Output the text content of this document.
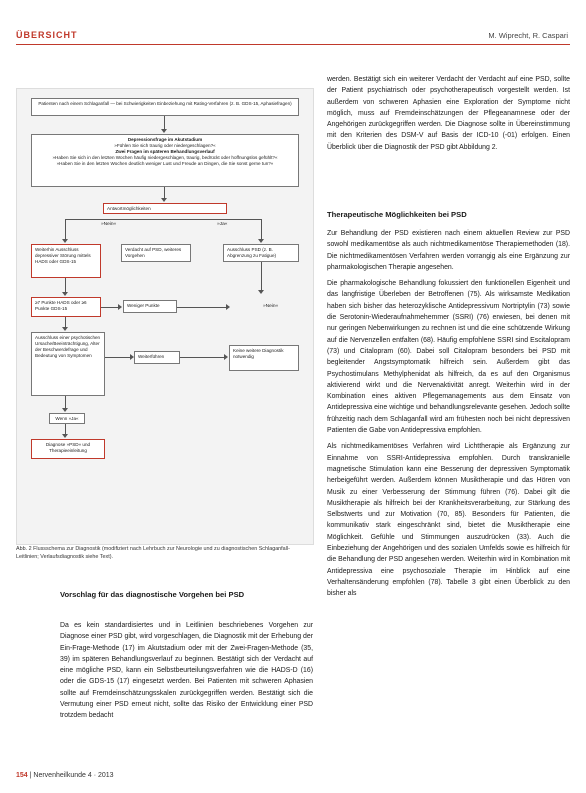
ÜBERSICHT	M. Wiprecht, R. Caspari
Patienten nach einem Schlaganfall — bei Schwierigkeiten Einbeziehung mit Rating-Verfahren (z. B. GDS-15, Aphasiefragen)

Depressionsfrage im Akutstadium

»Fühlen Sie sich traurig oder niedergeschlagen?«

Zwei Fragen im späteren Behandlungsverlauf

»Haben Sie sich in den letzten Wochen häufig niedergeschlagen, traurig, bedrückt oder hoffnungslos gefühlt?«

»Haben Sie in den letzten Wochen deutlich weniger Lust und Freude an Dingen, die Sie sonst gerne tun?«

Antwortmöglichkeiten
»Nein«	»Ja«
Weiterhin Ausschluss depressiver Störung mittels HADS oder GDS-15
Verdacht auf PSD, weiteres Vorgehen
Ausschluss PSD (z. B. Abgrenzung zu Fatigue)
≥7 Punkte HADS oder ≥6 Punkte GDS-15
Weniger Punkte	»Nein«
Ausschluss einer psychotischen Ursache/Beeinträchtigung, Alter der Beschwerdefrage und Bedeutung von Symptomen	Weiterführen
Keine weitere Diagnostik notwendig
Wenn »Ja«
Diagnose »PSD« und Therapieeinleitung
Abb. 2 Flussschema zur Diagnostik (modifiziert nach Lehrbuch zur Neurologie und zu diagnostischen Schlaganfall-Leitlinien; Verlaufsdiagnostik siehe Text).
Vorschlag für das diagnostische Vorgehen bei PSD

Da es kein standardisiertes und in Leitlinien beschriebenes Vorgehen zur Diagnose einer PSD gibt, wird vorgeschlagen, die Diagnostik mit der Erhebung der Ein-Frage-Methode (17) im Akutstadium oder mit der Zwei-Fragen-Methode (35, 39) im späteren Behandlungsverlauf zu beginnen. Bestätigt sich der Verdacht auf eine mögliche PSD, kann ein Selbstbeurteilungsverfahren wie die HADS-D (16) oder die GDS-15 (17) eingesetzt werden. Bei Patienten mit schweren Aphasien sollte auf Fremdeinschätzungsskalen zurückgegriffen werden. Bestätigt sich die Vermutung einer PSD erneut nicht, sollte das Risiko der Entwicklung einer PSD trotzdem bedacht

werden. Bestätigt sich ein weiterer Verdacht der Verdacht auf eine PSD, sollte der Patient psychiatrisch oder psychotherapeutisch vorgestellt werden. Ist außerdem von schweren Aphasien eine Exploration der Symptome nicht möglich, muss auf Fremdeinschätzungen der Pflegeanamnese oder der Angehörigen zurückgegriffen werden. Die Diagnose sollte in Übereinstimmung mit den Kriterien des DSM-V auf Basis der ICD-10 (-01) erfolgen. Einen Überblick über die Diagnostik der PSD gibt Abbildung 2.

Therapeutische Möglichkeiten bei PSD

Zur Behandlung der PSD existieren nach einem aktuellen Review zur PSD sowohl medikamentöse als auch nichtmedikamentöse Therapiemethoden (18). Die nichtmedikamentösen Verfahren werden vorrangig als eine Ergänzung zur pharmakologischen Therapie angesehen.

Die pharmakologische Behandlung fokussiert den funktionellen Eigenheit und das langfristige Überleben der Betroffenen (75). Als wirksamste Medikation haben sich bisher das heterozyklische Antidepressivum Nortriptylin (73) sowie die Serotonin-Wiederaufnahmehemmer (SSRI) (76) erwiesen, bei denen mit nur geringen Nebenwirkungen zu rechnen ist und die eine schützende Wirkung auf die Nervenzellen entfalten (68). Häufig empfohlene SSRI sind Escitalopram (73) und Citalopram (60). Dabei soll Citalopram besonders bei PSD mit begleitender Angstsymptomatik hilfreich sein. Außerdem gibt das Psychostimulans Methylphenidat als hilfreich, da es auf den Organismus aktivierend wirkt und die Nervenaktivität anregt. Weiterhin wird in der Kombination eines aktiven Pflegemanagements aus dem Einsatz von Antidepressiva eine wichtige und behandlungsrelevante gesehen. Jedoch sollte frühzeitig nach dem Schlaganfall wird am frühesten noch bei nicht depressiven Patienten die Gabe von Antidepressiva empfohlen.

Als nichtmedikamentöses Verfahren wird Lichttherapie als Ergänzung zur Einnahme von SSRI-Antidepressiva empfohlen. Durch transkranielle magnetische Stimulation kann eine Besserung der depressiven Symptomatik herbeigeführt werden. Außerdem können Musiktherapie und das Hören von Musik zu einer Verbesserung der Stimmung führen (76). Dabei gilt die Musiktherapie als hilfreich bei der Krankheitsverarbeitung, zur Stärkung des Selbstwerts und zur Motivation (70, 85). Besonders für Patienten, die kommunikativ stark eingeschränkt sind, bietet die Musiktherapie eine Möglichkeit. Gefühle und Stimmungen auszudrücken (33). Auch die Einbeziehung der Angehörigen und des sozialen Umfelds sowie es hilfreich für die Behandlung der PSD angesehen werden. Weiterhin wird in Kombination mit Antidepressiva eine psychosoziale Therapie im Hinblick auf eine Verhaltensänderung empfohlen (78). Tabelle 3 gibt einen Überblick zu den bisher als

154 | Nervenheilkunde 4 · 2013
